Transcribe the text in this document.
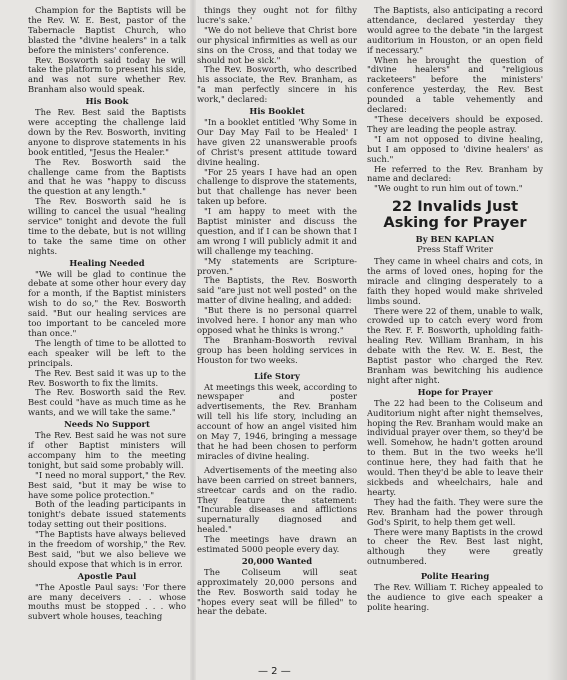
Champion for the Baptists will be the Rev. W. E. Best, pastor of the Tabernacle Baptist Church, who blasted the "divine healers" in a talk before the ministers' conference.

Rev. Bosworth said today he will take the platform to present his side, and was not sure whether Rev. Branham also would speak.

His Book

The Rev. Best said the Baptists were accepting the challenge laid down by the Rev. Bosworth, inviting anyone to disprove statements in his book entitled, "Jesus the Healer."

The Rev. Bosworth said the challenge came from the Baptists and that he was "happy to discuss the question at any length."

The Rev. Bosworth said he is willing to cancel the usual "healing service" tonight and devote the full time to the debate, but is not willing to take the same time on other nights.

Healing Needed

"We will be glad to continue the debate at some other hour every day for a month, if the Baptist ministers wish to do so," the Rev. Bosworth said. "But our healing services are too important to be canceled more than once."

The length of time to be allotted to each speaker will be left to the principals.

The Rev. Best said it was up to the Rev. Bosworth to fix the limits.

The Rev. Bosworth said the Rev. Best could "have as much time as he wants, and we will take the same."

Needs No Support

The Rev. Best said he was not sure if other Baptist ministers will accompany him to the meeting tonight, but said some probably will.

"I need no moral support," the Rev. Best said, "but it may be wise to have some police protection."

Both of the leading participants in tonight's debate issued statements today setting out their positions.

"The Baptists have always believed in the freedom of worship," the Rev. Best said, "but we also believe we should expose that which is in error.

Apostle Paul

"The Apostle Paul says: 'For there are many deceivers . . . whose mouths must be stopped . . . who subvert whole houses, teaching

things they ought not for filthy lucre's sake.'

"We do not believe that Christ bore our physical infirmities as well as our sins on the Cross, and that today we should not be sick."

The Rev. Bosworth, who described his associate, the Rev. Branham, as "a man perfectly sincere in his work," declared:

His Booklet

"In a booklet entitled 'Why Some in Our Day May Fail to be Healed' I have given 22 unanswerable proofs of Christ's present attitude toward divine healing.

"For 25 years I have had an open challenge to disprove the statements, but that challenge has never been taken up before.

"I am happy to meet with the Baptist minister and discuss the question, and if I can be shown that I am wrong I will publicly admit it and will challenge my teaching.

"My statements are Scripture-proven."

The Baptists, the Rev. Bosworth said "are just not well posted" on the matter of divine healing, and added:

"But there is no personal quarrel involved here. I honor any man who opposed what he thinks is wrong."

The Branham-Bosworth revival group has been holding services in Houston for two weeks.

Life Story

At meetings this week, according to newspaper and poster advertisements, the Rev. Branham will tell his life story, including an account of how an angel visited him on May 7, 1946, bringing a message that he had been chosen to perform miracles of divine healing.

Advertisements of the meeting also have been carried on street banners, streetcar cards and on the radio. They feature the statement: "Incurable diseases and afflictions supernaturally diagnosed and healed."

The meetings have drawn an estimated 5000 people every day.

20,000 Wanted

The Coliseum will seat approximately 20,000 persons and the Rev. Bosworth said today he "hopes every seat will be filled" to hear the debate.

The Baptists, also anticipating a record attendance, declared yesterday they would agree to the debate "in the largest auditorium in Houston, or an open field if necessary."

When he brought the question of "divine healers" and "religious racketeers" before the ministers' conference yesterday, the Rev. Best pounded a table vehemently and declared:

"These deceivers should be exposed. They are leading the people astray.

"I am not opposed to divine healing, but I am opposed to 'divine healers' as such."

He referred to the Rev. Branham by name and declared:

"We ought to run him out of town."

22 Invalids Just Asking for Prayer
By BEN KAPLAN
Press Staff Writer

They came in wheel chairs and cots, in the arms of loved ones, hoping for the miracle and clinging desperately to a faith they hoped would make shriveled limbs sound.

There were 22 of them, unable to walk, crowded up to catch every word from the Rev. F. F. Bosworth, upholding faith-healing Rev. William Branham, in his debate with the Rev. W. E. Best, the Baptist pastor who charged the Rev. Branham was bewitching his audience night after night.

Hope for Prayer

The 22 had been to the Coliseum and Auditorium night after night themselves, hoping the Rev. Branham would make an individual prayer over them, so they'd be well. Somehow, he hadn't gotten around to them. But in the two weeks he'll continue here, they had faith that he would. Then they'd be able to leave their sickbeds and wheelchairs, hale and hearty.

They had the faith. They were sure the Rev. Branham had the power through God's Spirit, to help them get well.

There were many Baptists in the crowd to cheer the Rev. Best last night, although they were greatly outnumbered.

Polite Hearing

The Rev. William T. Richey appealed to the audience to give each speaker a polite hearing.

— 2 —
